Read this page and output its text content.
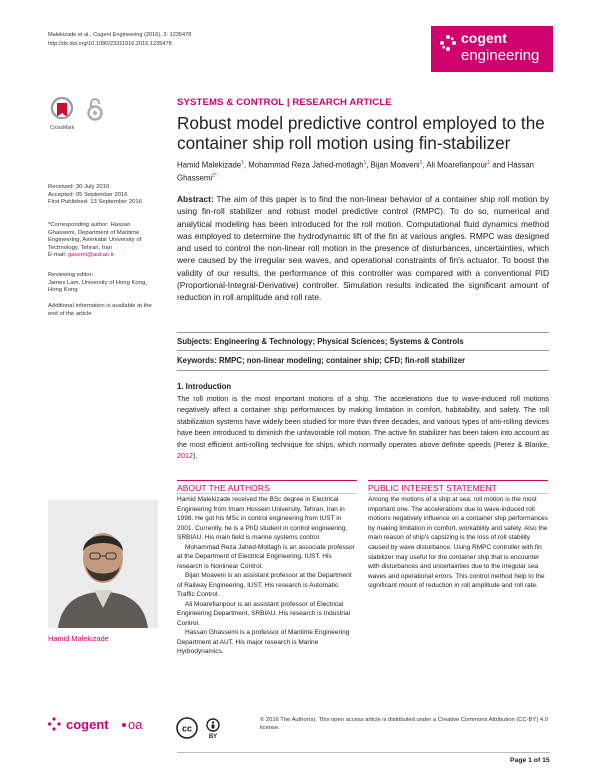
Malekizade et al., Cogent Engineering (2016), 3: 1235478
http://dx.doi.org/10.1080/23311916.2016.1235478	cogent
engineering
CrossMark
SYSTEMS & CONTROL | RESEARCH ARTICLE
Robust model predictive control employed to the container ship roll motion using fin-stabilizer
Hamid Malekizade$^1$, Mohammad Reza Jahed-motlagh$^1$, Bijan Moaveni$^1$, Ali Moarefianpour$^1$ and Hassan Ghassemi$^{2*}$
Received: 30 July 2016
Accepted: 05 September 2016
First Published: 13 September 2016
*Corresponding author: Hassan Ghassemi, Department of Maritime Engineering, Amirkabir University of Technology, Tehran, Iran
E-mail: gasemi@aut.ac.ir
Reviewing editor:
James Lam, University of Hong Kong, Hong Kong
Additional information is available at the end of the article
Abstract: The aim of this paper is to find the non-linear behavior of a container ship roll motion by using fin-roll stabilizer and robust model predictive control (RMPC). To do so, numerical and analytical modeling has been introduced for the roll motion. Computational fluid dynamics method was employed to determine the hydrodynamic lift of the fin at various angles. RMPC was designed and used to control the non-linear roll motion in the presence of disturbances, uncertainties, which were caused by the irregular sea waves, and operational constraints of fin's actuator. To boost the validity of our results, the performance of this controller was compared with a conventional PID (Proportional-Integral-Derivative) controller. Simulation results indicated the significant amount of reduction in roll amplitude and roll rate.
Subjects: Engineering & Technology; Physical Sciences; Systems & Controls
Keywords: RMPC; non-linear modeling; container ship; CFD; fin-roll stabilizer
1. Introduction
The roll motion is the most important motions of a ship. The accelerations due to wave-induced roll motions negatively affect a container ship performances by making limitation in comfort, habitability, and safety. The roll stabilization systems have widely been studied for more than three decades, and various types of anti-rolling devices have been introduced to diminish the unfavorable roll motion. The active fin stabilizer has been taken into account as the most efficient anti-rolling technique for ships, which normally operates above definite speeds (Perez & Blanke, 2012).
ABOUT THE AUTHORS

Hamid Malekizade received the BSc degree in Electrical Engineering from Imam Hossein University, Tehran, Iran in 1998. He got his MSc in control engineering from IUST in 2001. Currently, he is a PhD student in control engineering, SRBIAU. His main field is marine systems control.

Mohammad Reza Jahed-Motlagh is an associate professor at the Department of Electrical Engineering, IUST. His research is Nonlinear Control.

Bijan Moaveni is an assistant professor at the Department of Railway Engineering, IUST. His research is Automatic Traffic Control.

Ali Moarefianpour is an assistant professor of Electrical Engineering Department, SRBIAU. His research is Industrial Control.

Hassan Ghassemi is a professor of Maritime Engineering Department at AUT. His major research is Marine Hydrodynamics.

Hamid Malekizade
PUBLIC INTEREST STATEMENT
Among the motions of a ship at sea, roll motion is the most important one. The accelerations due to wave-induced roll motions negatively influence on a container ship performances by making limitation in comfort, workability and safety. Also the main reason of ship's capsizing is the loss of roll stability caused by wave disturbance. Using RMPC controller with fin stabilizer may useful for the container ship that is encounter with disturbances and uncertainties due to the irregular sea waves and operational errors. This control method help to the significant mount of reduction in roll amplitude and roll rate.
cogent oa	cc
BY
© 2016 The Author(s). This open access article is distributed under a Creative Commons Attribution (CC-BY) 4.0 license.
Page 1 of 15
